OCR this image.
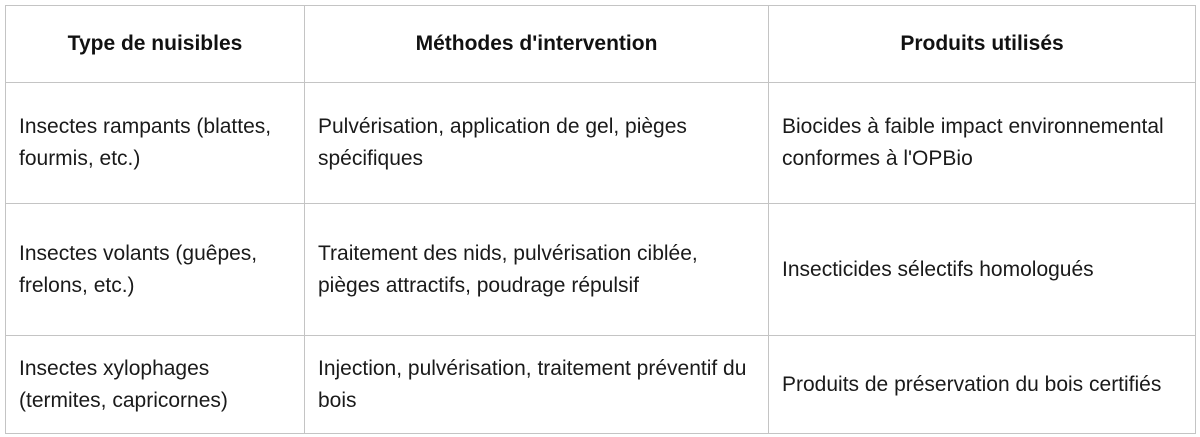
Type de nuisibles	Méthodes d'intervention	Produits utilisés

Insectes rampants (blattes, fourmis, etc.)	Pulvérisation, application de gel, pièges spécifiques	Biocides à faible impact environnemental conformes à l'OPBio

Insectes volants (guêpes, frelons, etc.)	Traitement des nids, pulvérisation ciblée, pièges attractifs, poudrage répulsif	Insecticides sélectifs homologués

Insectes xylophages (termites, capricornes)	Injection, pulvérisation, traitement préventif du bois	Produits de préservation du bois certifiés
